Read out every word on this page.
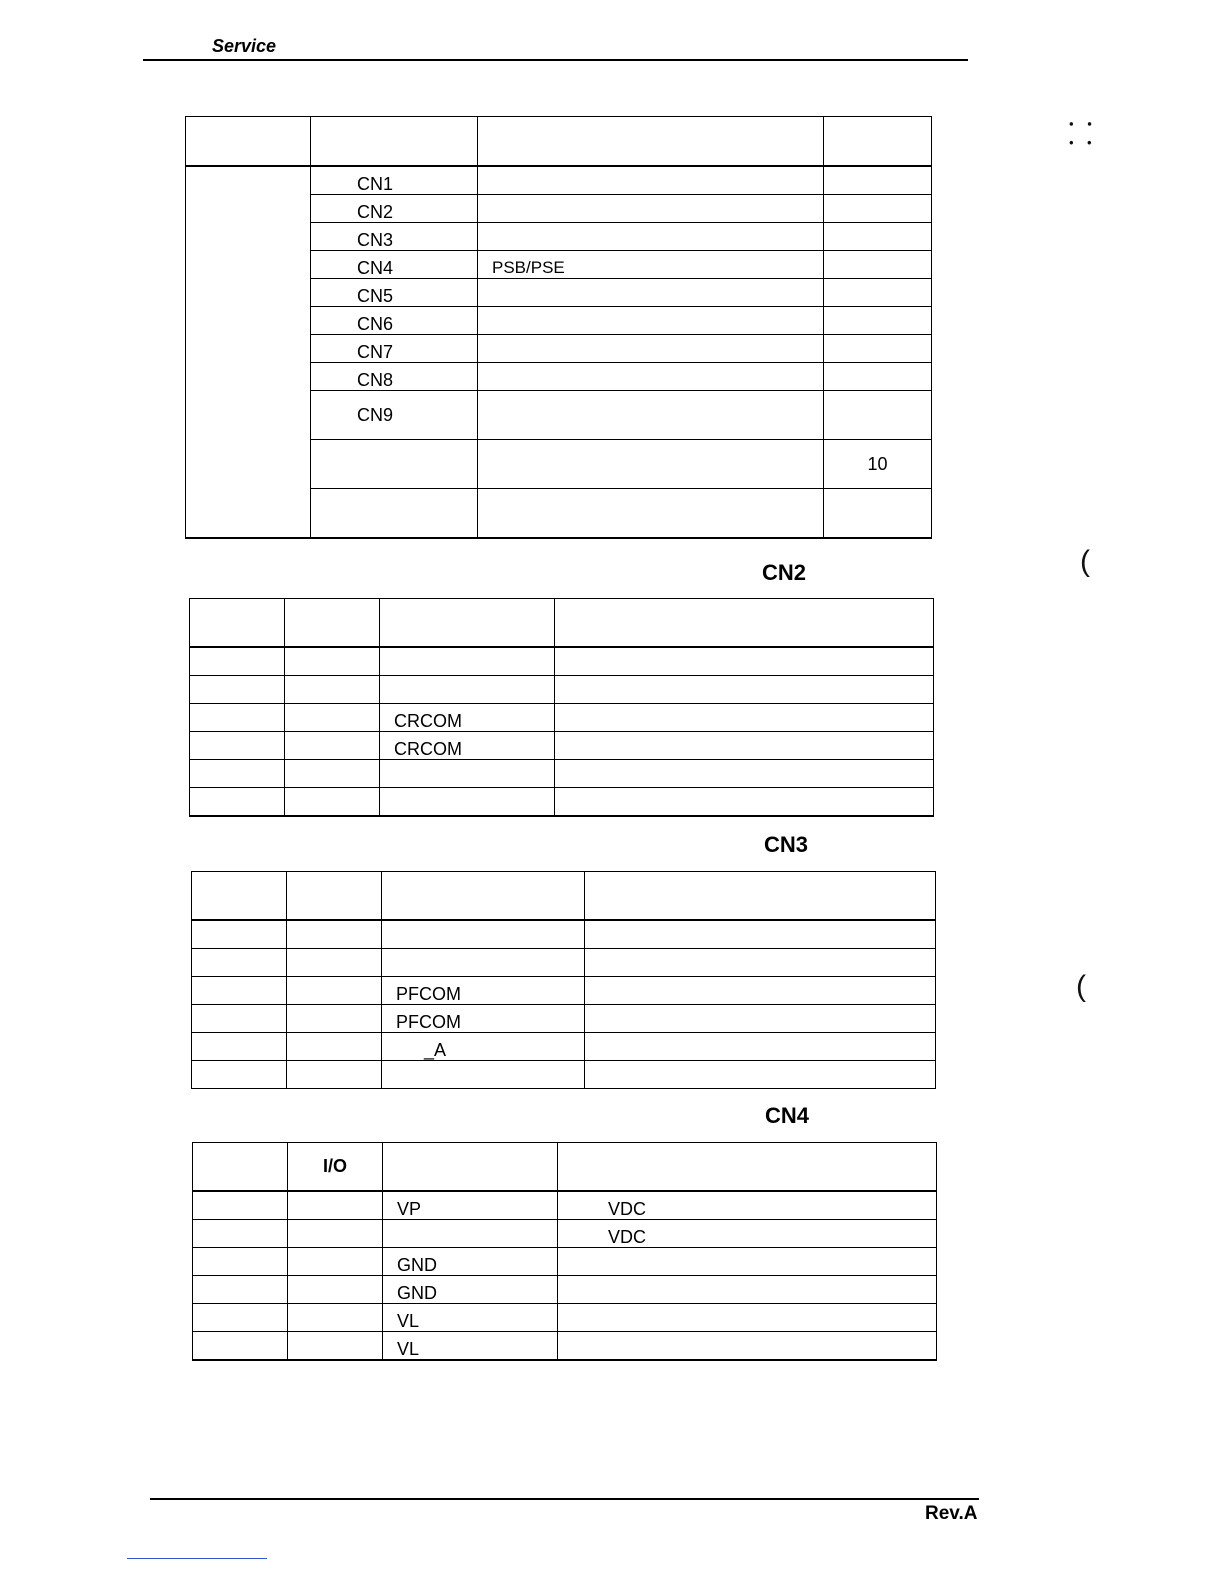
Service
⸬
(
(

	CN1		
	CN2		
	CN3		
	CN4	PSB/PSE	
	CN5		
	CN6		
	CN7		
	CN8		
	CN9		
			10

CN2

		CRCOM	
		CRCOM	

CN3

		PFCOM	
		PFCOM	
		_A	

CN4
	I/O		
		VP	VDC
			VDC
		GND	
		GND	
		VL	
		VL	
Rev.A
